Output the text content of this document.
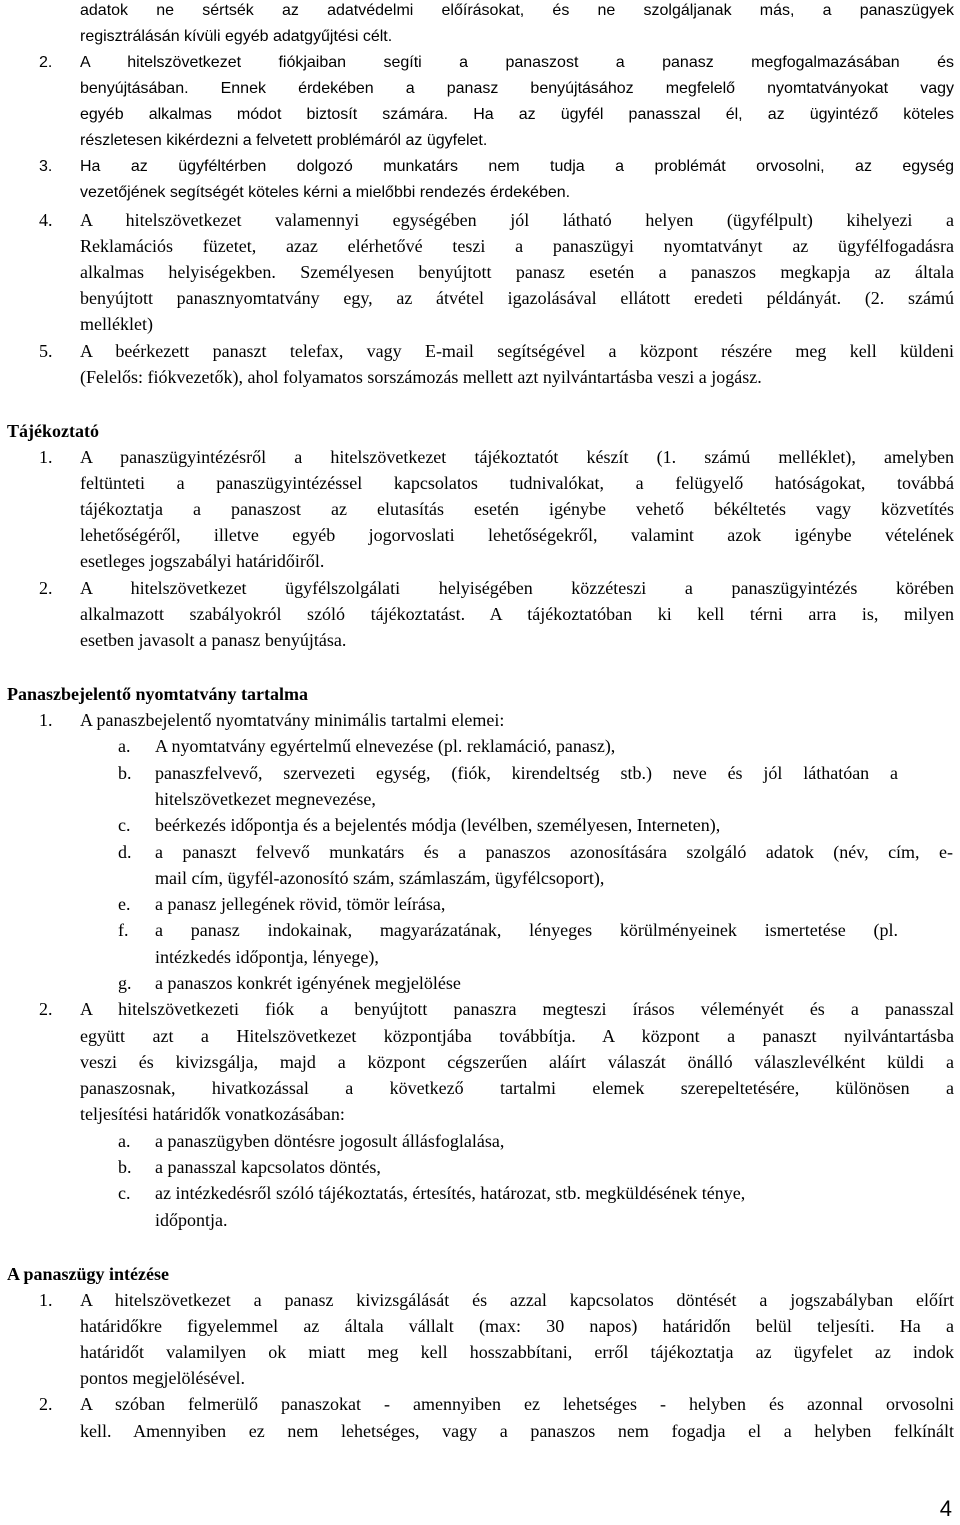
adatok ne sértsék az adatvédelmi előírásokat, és ne szolgáljanak más, a panaszügyek
regisztrálásán kívüli egyéb adatgyűjtési célt.
2.	A hitelszövetkezet fiókjaiban segíti a panaszost a panasz megfogalmazásában és
benyújtásában. Ennek érdekében a panasz benyújtásához megfelelő nyomtatványokat vagy
egyéb alkalmas módot biztosít számára. Ha az ügyfél panasszal él, az ügyintéző köteles
részletesen kikérdezni a felvetett problémáról az ügyfelet.
3.	Ha az ügyféltérben dolgozó munkatárs nem tudja a problémát orvosolni, az egység
vezetőjének segítségét köteles kérni a mielőbbi rendezés érdekében.
4.	A hitelszövetkezet valamennyi egységében jól látható helyen (ügyfélpult) kihelyezi a
Reklamációs füzetet, azaz elérhetővé teszi a panaszügyi nyomtatványt az ügyfélfogadásra
alkalmas helyiségekben. Személyesen benyújtott panasz esetén a panaszos megkapja az általa
benyújtott panasznyomtatvány egy, az átvétel igazolásával ellátott eredeti példányát. (2. számú
melléklet)
5.	A beérkezett panaszt telefax, vagy E-mail segítségével a központ részére meg kell küldeni
(Felelős: fiókvezetők), ahol folyamatos sorszámozás mellett azt nyilvántartásba veszi a jogász.
Tájékoztató
1.	A panaszügyintézésről a hitelszövetkezet tájékoztatót készít (1. számú melléklet), amelyben
feltünteti a panaszügyintézéssel kapcsolatos tudnivalókat, a felügyelő hatóságokat, továbbá
tájékoztatja a panaszost az elutasítás esetén igénybe vehető békéltetés vagy közvetítés
lehetőségéről, illetve egyéb jogorvoslati lehetőségekről, valamint azok igénybe vételének
esetleges jogszabályi határidőiről.
2.	A hitelszövetkezet ügyfélszolgálati helyiségében közzéteszi a panaszügyintézés körében
alkalmazott szabályokról szóló tájékoztatást. A tájékoztatóban ki kell térni arra is, milyen
esetben javasolt a panasz benyújtása.
Panaszbejelentő nyomtatvány tartalma
1.	A panaszbejelentő nyomtatvány minimális tartalmi elemei:
a.	A nyomtatvány egyértelmű elnevezése (pl. reklamáció, panasz),
b.	panaszfelvevő, szervezeti egység, (fiók, kirendeltség stb.) neve és jól láthatóan a
hitelszövetkezet megnevezése,
c.	beérkezés időpontja és a bejelentés módja (levélben, személyesen, Interneten),
d.	a panaszt felvevő munkatárs és a panaszos azonosítására szolgáló adatok (név, cím, e-
mail cím, ügyfél-azonosító szám, számlaszám, ügyfélcsoport),
e.	a panasz jellegének rövid, tömör leírása,
f.	a panasz indokainak, magyarázatának, lényeges körülményeinek ismertetése (pl.
intézkedés időpontja, lényege),
g.	a panaszos konkrét igényének megjelölése
2.	A hitelszövetkezeti fiók a benyújtott panaszra megteszi írásos véleményét és a panasszal
együtt azt a Hitelszövetkezet központjába továbbítja. A központ a panaszt nyilvántartásba
veszi és kivizsgálja, majd a központ cégszerűen aláírt válaszát önálló válaszlevélként küldi a
panaszosnak, hivatkozással a következő tartalmi elemek szerepeltetésére, különösen a
teljesítési határidők vonatkozásában:
a.	a panaszügyben döntésre jogosult állásfoglalása,
b.	a panasszal kapcsolatos döntés,
c.	az intézkedésről szóló tájékoztatás, értesítés, határozat, stb. megküldésének ténye,
időpontja.
A panaszügy intézése
1.	A hitelszövetkezet a panasz kivizsgálását és azzal kapcsolatos döntését a jogszabályban előírt
határidőkre figyelemmel az általa vállalt (max: 30 napos) határidőn belül teljesíti. Ha a
határidőt valamilyen ok miatt meg kell hosszabbítani, erről tájékoztatja az ügyfelet az indok
pontos megjelölésével.
2.	A szóban felmerülő panaszokat - amennyiben ez lehetséges - helyben és azonnal orvosolni
kell. Amennyiben ez nem lehetséges, vagy a panaszos nem fogadja el a helyben felkínált
4
